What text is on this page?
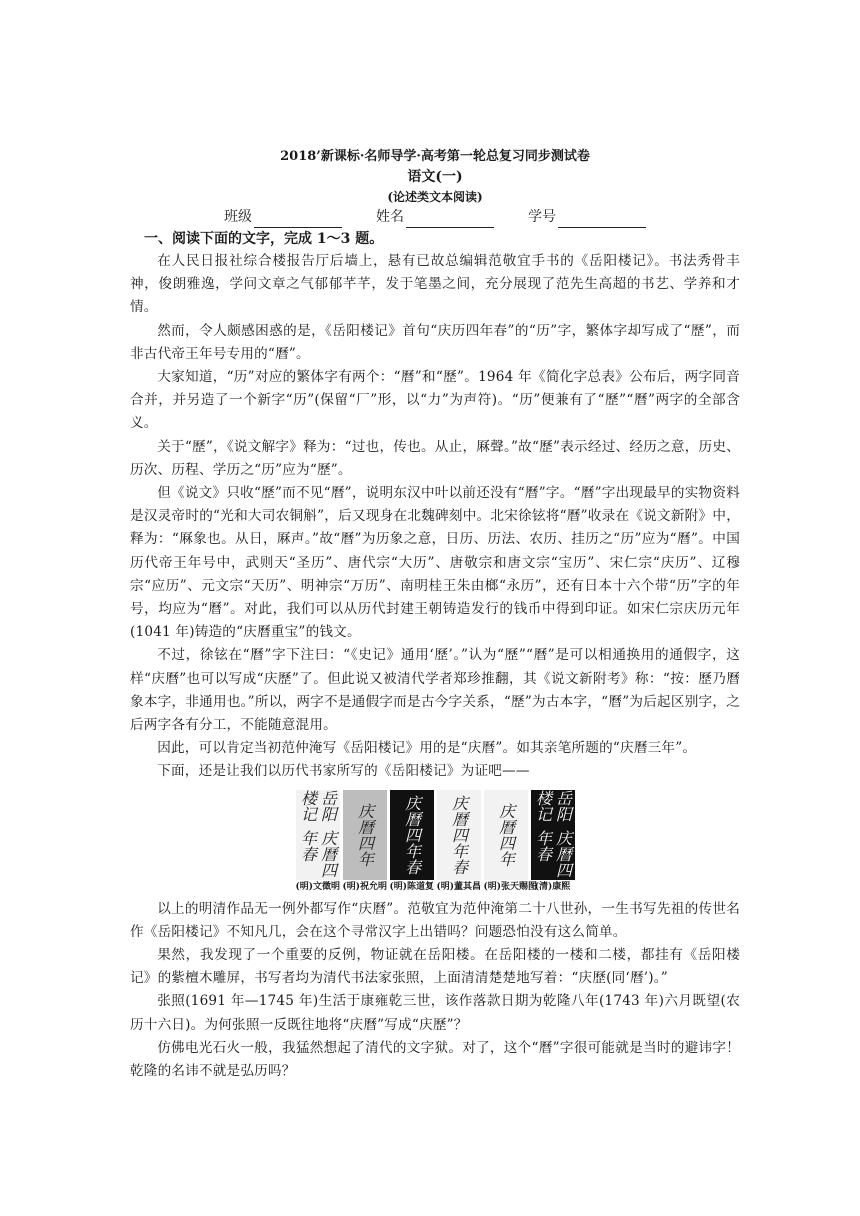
2018’新课标·名师导学·高考第一轮总复习同步测试卷

语文(一)

(论述类文本阅读)

班级	姓名	学号

一、阅读下面的文字，完成 1～3 题。

在人民日报社综合楼报告厅后墙上，悬有已故总编辑范敬宜手书的《岳阳楼记》。书法秀骨丰神，俊朗雅逸，学问文章之气郁郁芊芊，发于笔墨之间，充分展现了范先生高超的书艺、学养和才情。

然而，令人颇感困惑的是，《岳阳楼记》首句“庆历四年春”的“历”字，繁体字却写成了“歷”，而非古代帝王年号专用的“曆”。

大家知道，“历”对应的繁体字有两个：“曆”和“歷”。1964 年《简化字总表》公布后，两字同音合并，并另造了一个新字“历”(保留“厂”形，以“力”为声符)。“历”便兼有了“歷”“曆”两字的全部含义。

关于“歷”，《说文解字》释为：“过也，传也。从止，厤聲。”故“歷”表示经过、经历之意，历史、历次、历程、学历之“历”应为“歷”。

但《说文》只收“歷”而不见“曆”，说明东汉中叶以前还没有“曆”字。“曆”字出现最早的实物资料是汉灵帝时的“光和大司农铜斛”，后又现身在北魏碑刻中。北宋徐铉将“曆”收录在《说文新附》中，释为：“厤象也。从日，厤声。”故“曆”为历象之意，日历、历法、农历、挂历之“历”应为“曆”。中国历代帝王年号中，武则天“圣历”、唐代宗“大历”、唐敬宗和唐文宗“宝历”、宋仁宗“庆历”、辽穆宗“应历”、元文宗“天历”、明神宗“万历”、南明桂王朱由榔“永历”，还有日本十六个带“历”字的年号，均应为“曆”。对此，我们可以从历代封建王朝铸造发行的钱币中得到印证。如宋仁宗庆历元年(1041 年)铸造的“庆曆重宝”的钱文。

不过，徐铉在“曆”字下注曰：“《史记》通用‘歷’。”认为“歷”“曆”是可以相通换用的通假字，这样“庆曆”也可以写成“庆歷”了。但此说又被清代学者郑珍推翻，其《说文新附考》称：“按：歷乃曆象本字，非通用也。”所以，两字不是通假字而是古今字关系，“歷”为古本字，“曆”为后起区别字，之后两字各有分工，不能随意混用。

因此，可以肯定当初范仲淹写《岳阳楼记》用的是“庆曆”。如其亲笔所题的“庆曆三年”。

下面，还是让我们以历代书家所写的《岳阳楼记》为证吧——

岳阳楼记
庆曆四年春	庆曆四年 庆曆四年春 庆曆四年春 庆曆四年	岳阳楼记
庆曆四年春
(明)文徵明 (明)祝允明 (明)陈道复 (明)董其昌 (明)张天赐图
(清)康熙

以上的明清作品无一例外都写作“庆曆”。范敬宜为范仲淹第二十八世孙，一生书写先祖的传世名作《岳阳楼记》不知凡几，会在这个寻常汉字上出错吗？问题恐怕没有这么简单。

果然，我发现了一个重要的反例，物证就在岳阳楼。在岳阳楼的一楼和二楼，都挂有《岳阳楼记》的紫檀木雕屏，书写者均为清代书法家张照，上面清清楚楚地写着：“庆歷(同‘曆’)。”

张照(1691 年—1745 年)生活于康雍乾三世，该作落款日期为乾隆八年(1743 年)六月既望(农历十六日)。为何张照一反既往地将“庆曆”写成“庆歷”？

仿佛电光石火一般，我猛然想起了清代的文字狱。对了，这个“曆”字很可能就是当时的避讳字！乾隆的名讳不就是弘历吗？
